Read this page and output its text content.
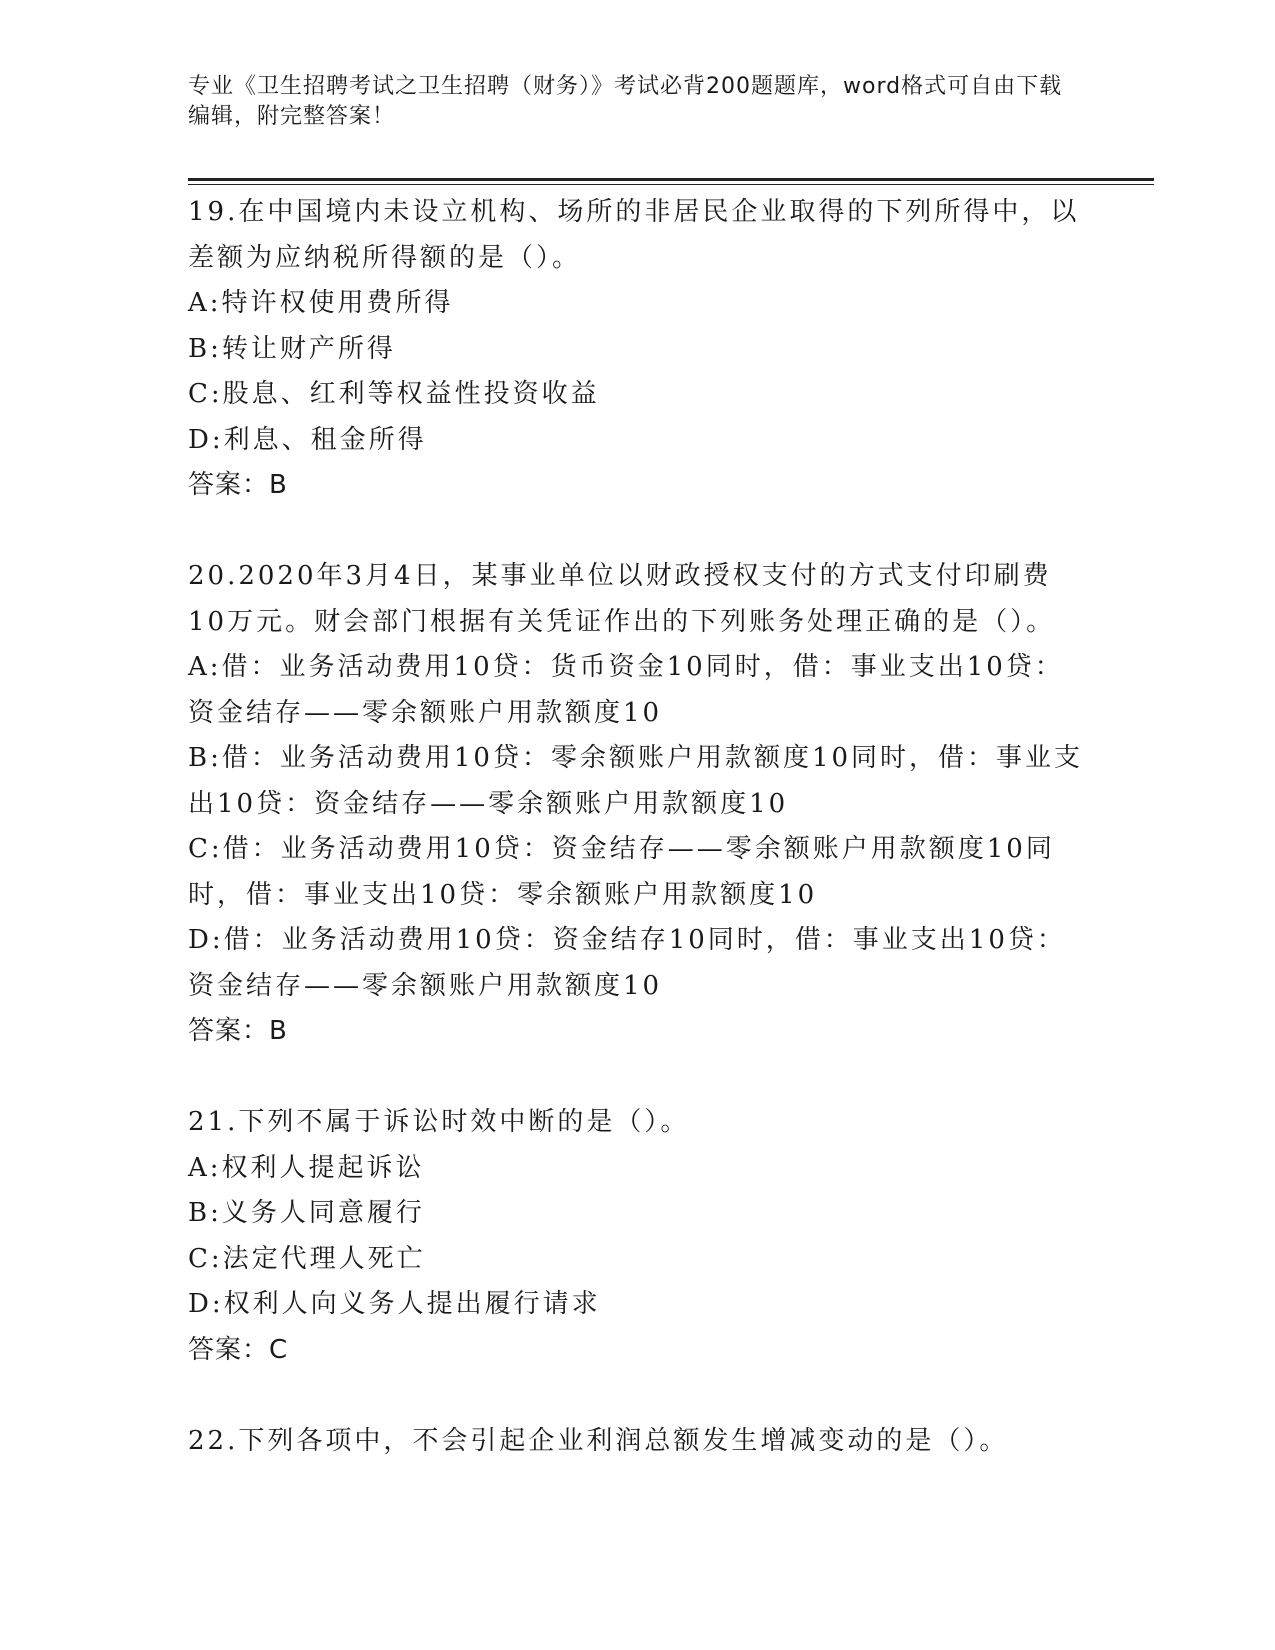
专业《卫生招聘考试之卫生招聘（财务）》考试必背200题题库，word格式可自由下载编辑，附完整答案！

19.在中国境内未设立机构、场所的非居民企业取得的下列所得中，以差额为应纳税所得额的是（）。

A:特许权使用费所得

B:转让财产所得

C:股息、红利等权益性投资收益

D:利息、租金所得

答案：B

20.2020年3月4日，某事业单位以财政授权支付的方式支付印刷费10万元。财会部门根据有关凭证作出的下列账务处理正确的是（）。

A:借：业务活动费用10贷：货币资金10同时，借：事业支出10贷：资金结存——零余额账户用款额度10

B:借：业务活动费用10贷：零余额账户用款额度10同时，借：事业支出10贷：资金结存——零余额账户用款额度10

C:借：业务活动费用10贷：资金结存——零余额账户用款额度10同时，借：事业支出10贷：零余额账户用款额度10

D:借：业务活动费用10贷：资金结存10同时，借：事业支出10贷：资金结存——零余额账户用款额度10

答案：B

21.下列不属于诉讼时效中断的是（）。

A:权利人提起诉讼

B:义务人同意履行

C:法定代理人死亡

D:权利人向义务人提出履行请求

答案：C

22.下列各项中，不会引起企业利润总额发生增减变动的是（）。
